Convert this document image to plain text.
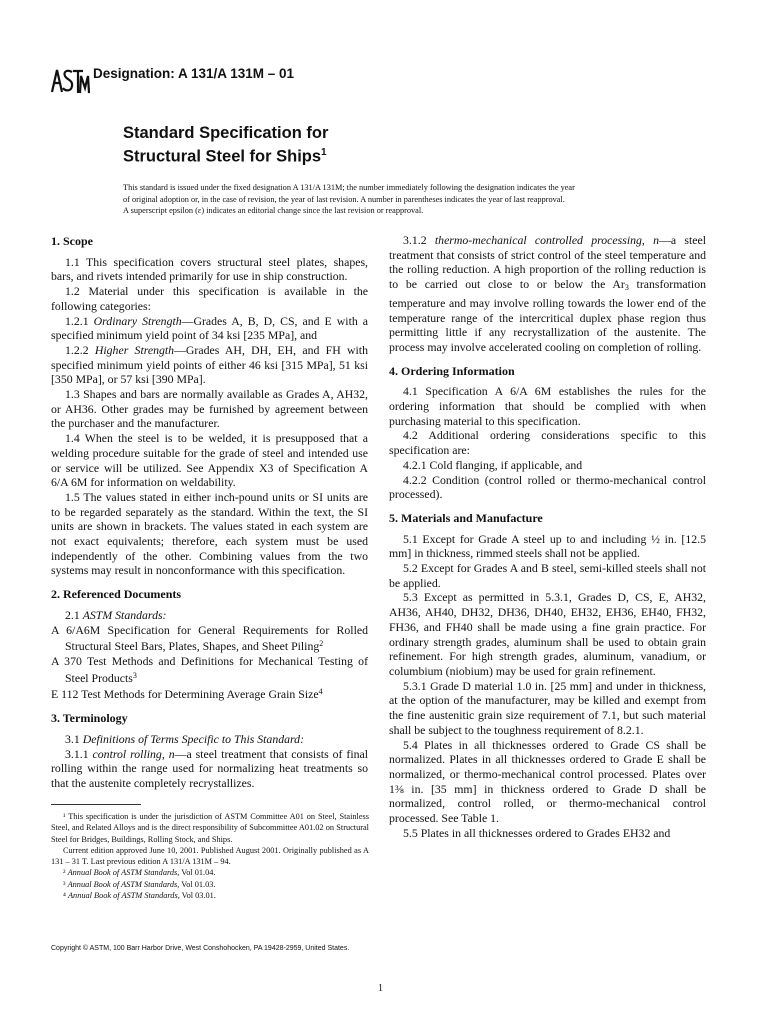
Designation: A 131/A 131M – 01
Standard Specification for
Structural Steel for Ships$^1$
This standard is issued under the fixed designation A 131/A 131M; the number immediately following the designation indicates the year
of original adoption or, in the case of revision, the year of last revision. A number in parentheses indicates the year of last reapproval.
A superscript epsilon (ε) indicates an editorial change since the last revision or reapproval.
1. Scope

1.1 This specification covers structural steel plates, shapes, bars, and rivets intended primarily for use in ship construction.

1.2 Material under this specification is available in the following categories:

1.2.1 Ordinary Strength—Grades A, B, D, CS, and E with a specified minimum yield point of 34 ksi [235 MPa], and

1.2.2 Higher Strength—Grades AH, DH, EH, and FH with specified minimum yield points of either 46 ksi [315 MPa], 51 ksi [350 MPa], or 57 ksi [390 MPa].

1.3 Shapes and bars are normally available as Grades A, AH32, or AH36. Other grades may be furnished by agreement between the purchaser and the manufacturer.

1.4 When the steel is to be welded, it is presupposed that a welding procedure suitable for the grade of steel and intended use or service will be utilized. See Appendix X3 of Specification A 6/A 6M for information on weldability.

1.5 The values stated in either inch-pound units or SI units are to be regarded separately as the standard. Within the text, the SI units are shown in brackets. The values stated in each system are not exact equivalents; therefore, each system must be used independently of the other. Combining values from the two systems may result in nonconformance with this specification.

2. Referenced Documents

2.1 ASTM Standards:

A 6/A6M Specification for General Requirements for Rolled Structural Steel Bars, Plates, Shapes, and Sheet Piling$^2$

A 370 Test Methods and Definitions for Mechanical Testing of Steel Products$^3$

E 112 Test Methods for Determining Average Grain Size$^4$

3. Terminology

3.1 Definitions of Terms Specific to This Standard:

3.1.1 control rolling, n—a steel treatment that consists of final rolling within the range used for normalizing heat treatments so that the austenite completely recrystallizes.

3.1.2 thermo-mechanical controlled processing, n—a steel treatment that consists of strict control of the steel temperature and the rolling reduction. A high proportion of the rolling reduction is to be carried out close to or below the $Ar_3$ transformation temperature and may involve rolling towards the lower end of the temperature range of the intercritical duplex phase region thus permitting little if any recrystallization of the austenite. The process may involve accelerated cooling on completion of rolling.

4. Ordering Information

4.1 Specification A 6/A 6M establishes the rules for the ordering information that should be complied with when purchasing material to this specification.

4.2 Additional ordering considerations specific to this specification are:

4.2.1 Cold flanging, if applicable, and

4.2.2 Condition (control rolled or thermo-mechanical control processed).

5. Materials and Manufacture

5.1 Except for Grade A steel up to and including ½ in. [12.5 mm] in thickness, rimmed steels shall not be applied.

5.2 Except for Grades A and B steel, semi-killed steels shall not be applied.

5.3 Except as permitted in 5.3.1, Grades D, CS, E, AH32, AH36, AH40, DH32, DH36, DH40, EH32, EH36, EH40, FH32, FH36, and FH40 shall be made using a fine grain practice. For ordinary strength grades, aluminum shall be used to obtain grain refinement. For high strength grades, aluminum, vanadium, or columbium (niobium) may be used for grain refinement.

5.3.1 Grade D material 1.0 in. [25 mm] and under in thickness, at the option of the manufacturer, may be killed and exempt from the fine austenitic grain size requirement of 7.1, but such material shall be subject to the toughness requirement of 8.2.1.

5.4 Plates in all thicknesses ordered to Grade CS shall be normalized. Plates in all thicknesses ordered to Grade E shall be normalized, or thermo-mechanical control processed. Plates over 1⅜ in. [35 mm] in thickness ordered to Grade D shall be normalized, control rolled, or thermo-mechanical control processed. See Table 1.

5.5 Plates in all thicknesses ordered to Grades EH32 and

¹ This specification is under the jurisdiction of ASTM Committee A01 on Steel, Stainless Steel, and Related Alloys and is the direct responsibility of Subcommittee A01.02 on Structural Steel for Bridges, Buildings, Rolling Stock, and Ships.

Current edition approved June 10, 2001. Published August 2001. Originally published as A 131 – 31 T. Last previous edition A 131/A 131M – 94.

² Annual Book of ASTM Standards, Vol 01.04.

³ Annual Book of ASTM Standards, Vol 01.03.

⁴ Annual Book of ASTM Standards, Vol 03.01.

Copyright © ASTM, 100 Barr Harbor Drive, West Conshohocken, PA 19428-2959, United States.
1
